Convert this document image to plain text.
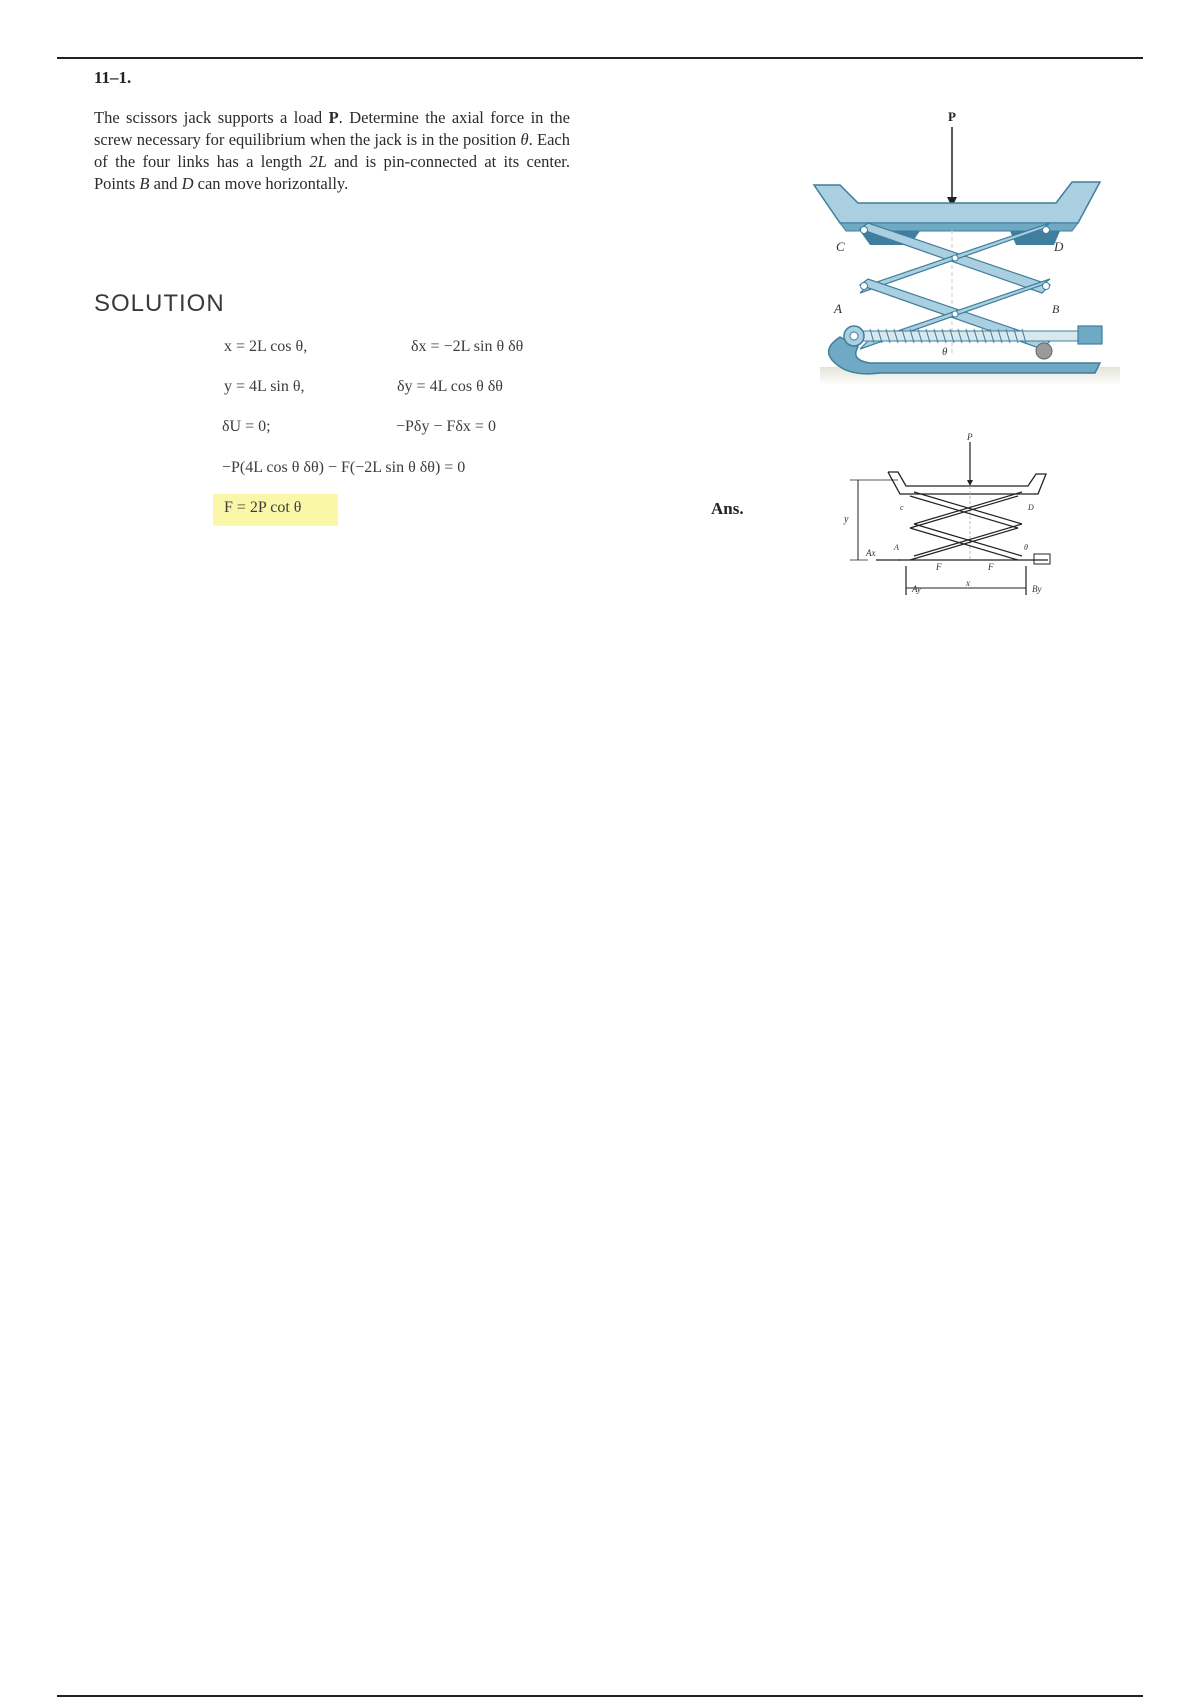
11–1.
The scissors jack supports a load P. Determine the axial force in the screw necessary for equilibrium when the jack is in the position θ. Each of the four links has a length 2L and is pin-connected at its center. Points B and D can move horizontally.
SOLUTION
x = 2L cos θ,	δx = −2L sin θ δθ
y = 4L sin θ,	δy = 4L cos θ δθ
δU = 0;	−Pδy − Fδx = 0
−P(4L cos θ δθ) − F(−2L sin θ δθ) = 0
F = 2P cot θ	Ans.
P
C	D
A	B
θ
P
y
x
Ay	By
Ax
F	F
c	D
A	θ
